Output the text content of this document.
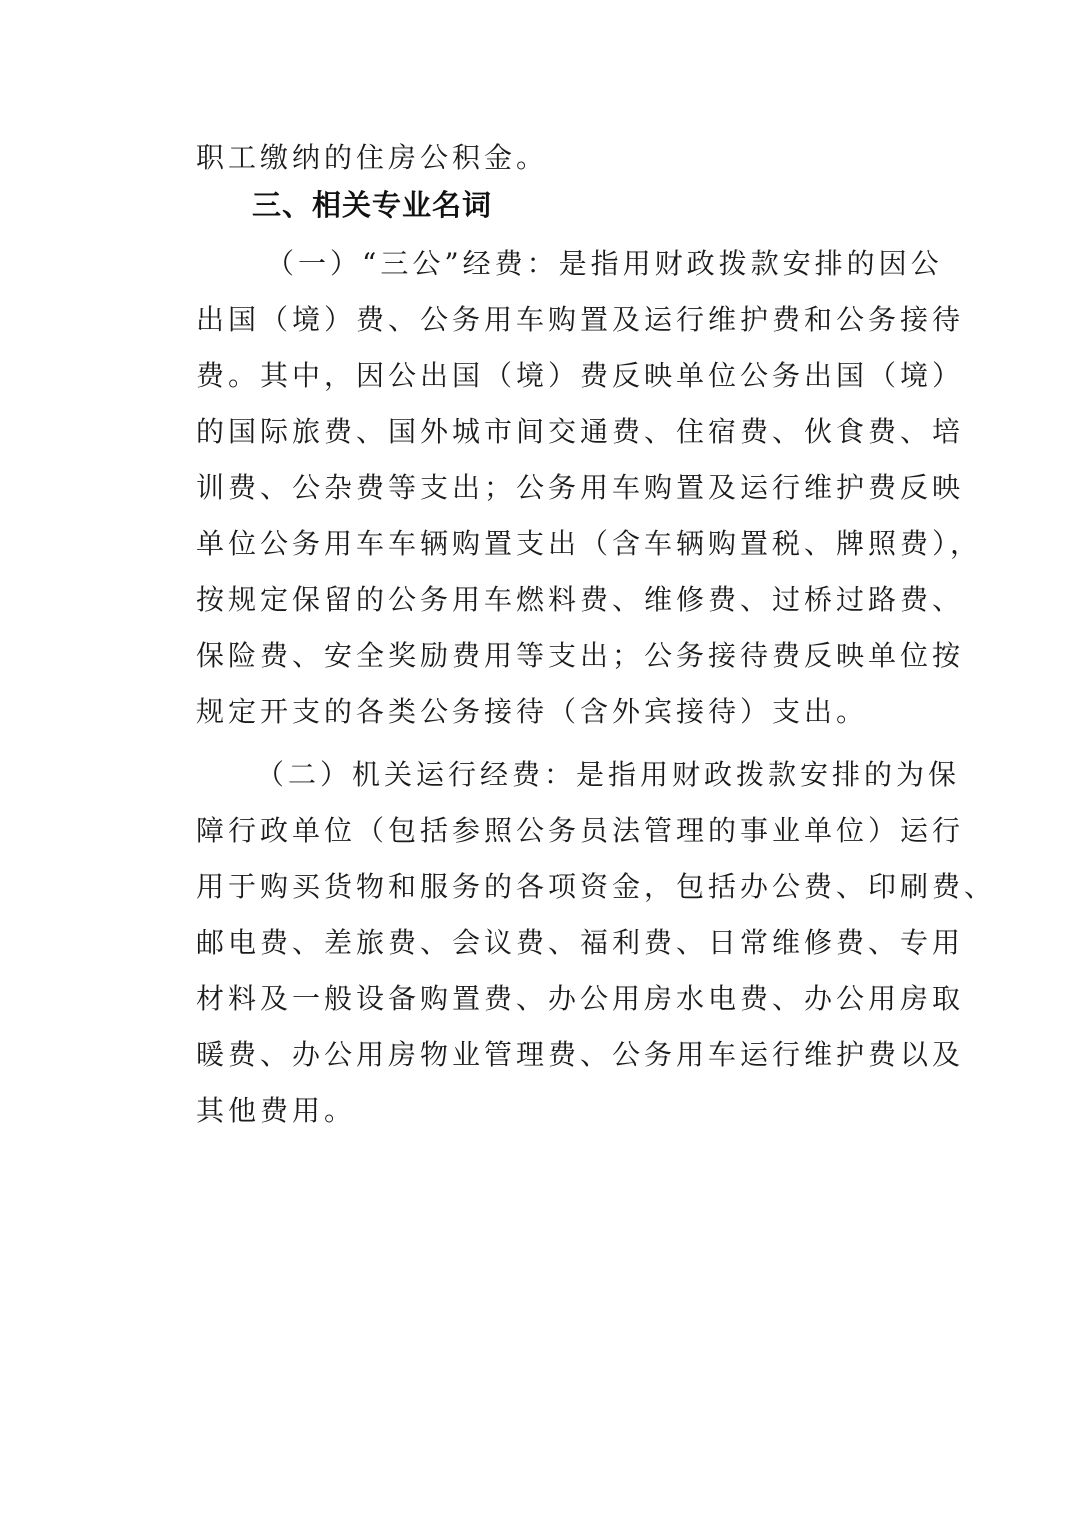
职工缴纳的住房公积金。

三、相关专业名词

（一）“三公”经费：是指用财政拨款安排的因公

出国（境）费、公务用车购置及运行维护费和公务接待

费。其中，因公出国（境）费反映单位公务出国（境）

的国际旅费、国外城市间交通费、住宿费、伙食费、培

训费、公杂费等支出；公务用车购置及运行维护费反映

单位公务用车车辆购置支出（含车辆购置税、牌照费），

按规定保留的公务用车燃料费、维修费、过桥过路费、

保险费、安全奖励费用等支出；公务接待费反映单位按

规定开支的各类公务接待（含外宾接待）支出。

（二）机关运行经费：是指用财政拨款安排的为保

障行政单位（包括参照公务员法管理的事业单位）运行

用于购买货物和服务的各项资金，包括办公费、印刷费、

邮电费、差旅费、会议费、福利费、日常维修费、专用

材料及一般设备购置费、办公用房水电费、办公用房取

暖费、办公用房物业管理费、公务用车运行维护费以及

其他费用。
